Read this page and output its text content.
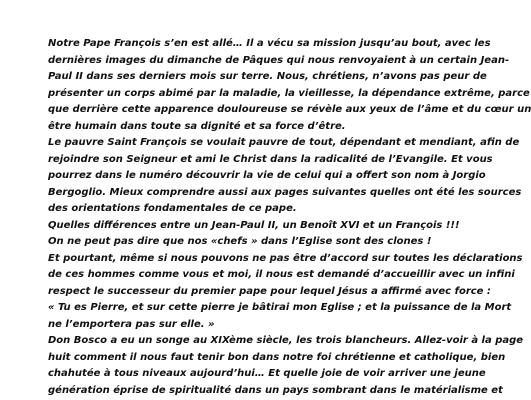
Notre Pape François s’en est allé… Il a vécu sa mission jusqu’au bout, avec les
dernières images du dimanche de Pâques qui nous renvoyaient à un certain Jean-
Paul II dans ses derniers mois sur terre. Nous, chrétiens, n’avons pas peur de
présenter un corps abimé par la maladie, la vieillesse, la dépendance extrême, parce
que derrière cette apparence douloureuse se révèle aux yeux de l’âme et du cœur un
être humain dans toute sa dignité et sa force d’être.

Le pauvre Saint François se voulait pauvre de tout, dépendant et mendiant, afin de
rejoindre son Seigneur et ami le Christ dans la radicalité de l’Evangile. Et vous
pourrez dans le numéro découvrir la vie de celui qui a offert son nom à Jorgio
Bergoglio. Mieux comprendre aussi aux pages suivantes quelles ont été les sources
des orientations fondamentales de ce pape.

Quelles différences entre un Jean-Paul II, un Benoît XVI et un François !!!

On ne peut pas dire que nos «chefs » dans l’Eglise sont des clones !

Et pourtant, même si nous pouvons ne pas être d’accord sur toutes les déclarations
de ces hommes comme vous et moi, il nous est demandé d’accueillir avec un infini
respect le successeur du premier pape pour lequel Jésus a affirmé avec force :

« Tu es Pierre, et sur cette pierre je bâtirai mon Eglise ; et la puissance de la Mort
ne l’emportera pas sur elle. »

Don Bosco a eu un songe au XIXème siècle, les trois blancheurs. Allez-voir à la page
huit comment il nous faut tenir bon dans notre foi chrétienne et catholique, bien
chahutée à tous niveaux aujourd’hui… Et quelle joie de voir arriver une jeune
génération éprise de spiritualité dans un pays sombrant dans le matérialisme et
